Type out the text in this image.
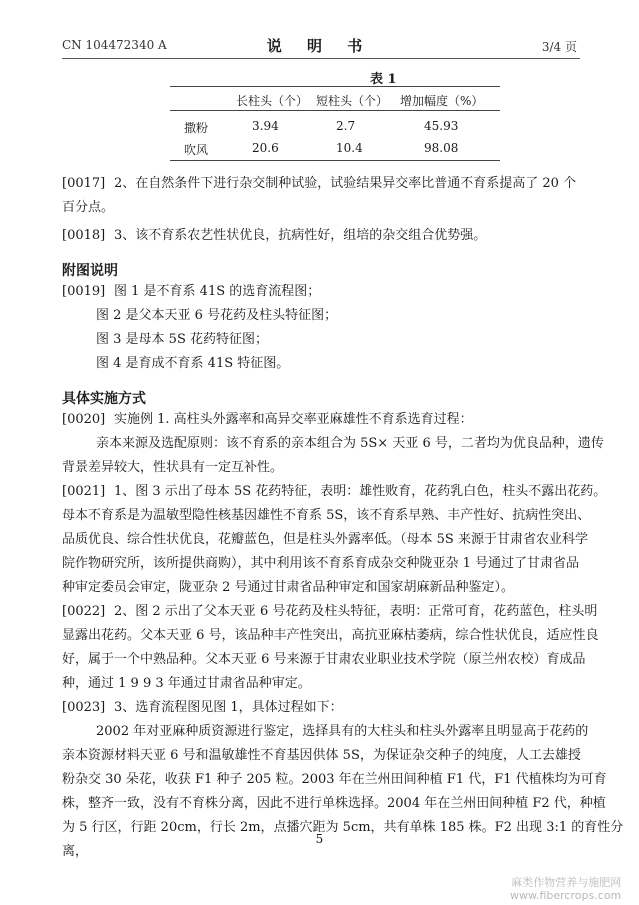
CN 104472340 A	说 明 书	3/4 页
表 1
长柱头（个） 短柱头（个） 增加幅度（%）
撒粉	3.94	2.7	45.93
吹风	20.6	10.4	98.08
[0017] 2、在自然条件下进行杂交制种试验，试验结果异交率比普通不育系提高了 20 个
百分点。
[0018] 3、该不育系农艺性状优良，抗病性好，组培的杂交组合优势强。
附图说明
[0019] 图 1 是不育系 41S 的选育流程图；
图 2 是父本天亚 6 号花药及柱头特征图；
图 3 是母本 5S 花药特征图；
图 4 是育成不育系 41S 特征图。
具体实施方式
[0020] 实施例 1. 高柱头外露率和高异交率亚麻雄性不育系选育过程：
亲本来源及选配原则：该不育系的亲本组合为 5S× 天亚 6 号，二者均为优良品种，遗传
背景差异较大，性状具有一定互补性。
[0021] 1、图 3 示出了母本 5S 花药特征，表明：雄性败育，花药乳白色，柱头不露出花药。
母本不育系是为温敏型隐性核基因雄性不育系 5S，该不育系早熟、丰产性好、抗病性突出、
品质优良、综合性状优良，花瓣蓝色，但是柱头外露率低。（母本 5S 来源于甘肃省农业科学
院作物研究所，该所提供商购），其中利用该不育系育成杂交种陇亚杂 1 号通过了甘肃省品
种审定委员会审定，陇亚杂 2 号通过甘肃省品种审定和国家胡麻新品种鉴定）。
[0022] 2、图 2 示出了父本天亚 6 号花药及柱头特征，表明：正常可育，花药蓝色，柱头明
显露出花药。父本天亚 6 号，该品种丰产性突出，高抗亚麻枯萎病，综合性状优良，适应性良
好，属于一个中熟品种。父本天亚 6 号来源于甘肃农业职业技术学院（原兰州农校）育成品
种，通过 1 9 9 3 年通过甘肃省品种审定。
[0023] 3、选育流程图见图 1，具体过程如下：
2002 年对亚麻种质资源进行鉴定，选择具有的大柱头和柱头外露率且明显高于花药的
亲本资源材料天亚 6 号和温敏雄性不育基因供体 5S，为保证杂交种子的纯度，人工去雄授
粉杂交 30 朵花，收获 F1 种子 205 粒。2003 年在兰州田间种植 F1 代，F1 代植株均为可育
株，整齐一致，没有不育株分离，因此不进行单株选择。2004 年在兰州田间种植 F2 代，种植
为 5 行区，行距 20cm，行长 2m，点播穴距为 5cm，共有单株 185 株。F2 出现 3:1 的育性分离，
5
麻类作物营养与施肥网
www.fibercrops.com
